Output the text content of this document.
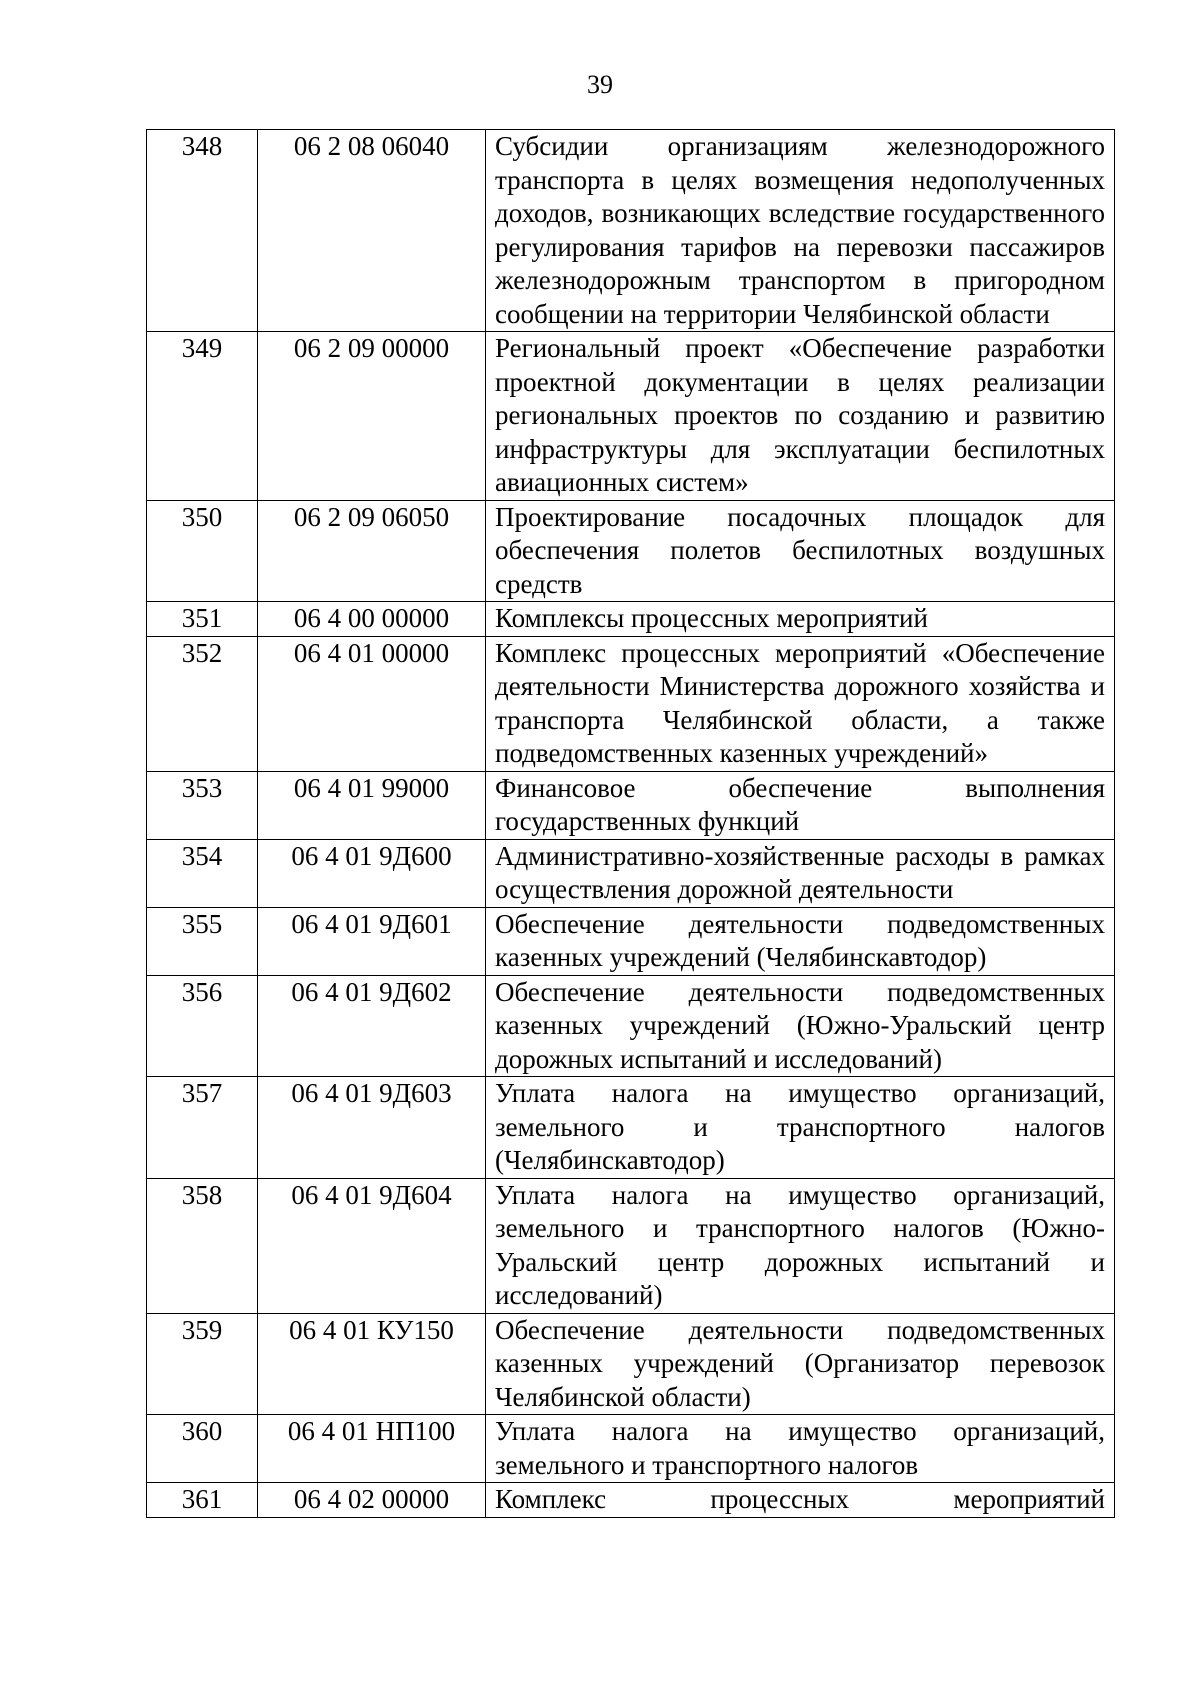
39
348	06 2 08 06040	Субсидии организациям железнодорожного транспорта в целях возмещения недополученных доходов, возникающих вследствие государственного регулирования тарифов на перевозки пассажиров железнодорожным транспортом в пригородном сообщении на территории Челябинской области
349	06 2 09 00000	Региональный проект «Обеспечение разработки проектной документации в целях реализации региональных проектов по созданию и развитию инфраструктуры для эксплуатации беспилотных авиационных систем»
350	06 2 09 06050	Проектирование посадочных площадок для обеспечения полетов беспилотных воздушных средств
351	06 4 00 00000	Комплексы процессных мероприятий
352	06 4 01 00000	Комплекс процессных мероприятий «Обеспечение деятельности Министерства дорожного хозяйства и транспорта Челябинской области, а также подведомственных казенных учреждений»
353	06 4 01 99000	Финансовое обеспечение выполнения государственных функций
354	06 4 01 9Д600	Административно-хозяйственные расходы в рамках осуществления дорожной деятельности
355	06 4 01 9Д601	Обеспечение деятельности подведомственных казенных учреждений (Челябинскавтодор)
356	06 4 01 9Д602	Обеспечение деятельности подведомственных казенных учреждений (Южно-Уральский центр дорожных испытаний и исследований)
357	06 4 01 9Д603	Уплата налога на имущество организаций, земельного и транспортного налогов (Челябинскавтодор)
358	06 4 01 9Д604	Уплата налога на имущество организаций, земельного и транспортного налогов (Южно-Уральский центр дорожных испытаний и исследований)
359	06 4 01 КУ150	Обеспечение деятельности подведомственных казенных учреждений (Организатор перевозок Челябинской области)
360	06 4 01 НП100	Уплата налога на имущество организаций, земельного и транспортного налогов
361	06 4 02 00000	Комплекс процессных мероприятий
